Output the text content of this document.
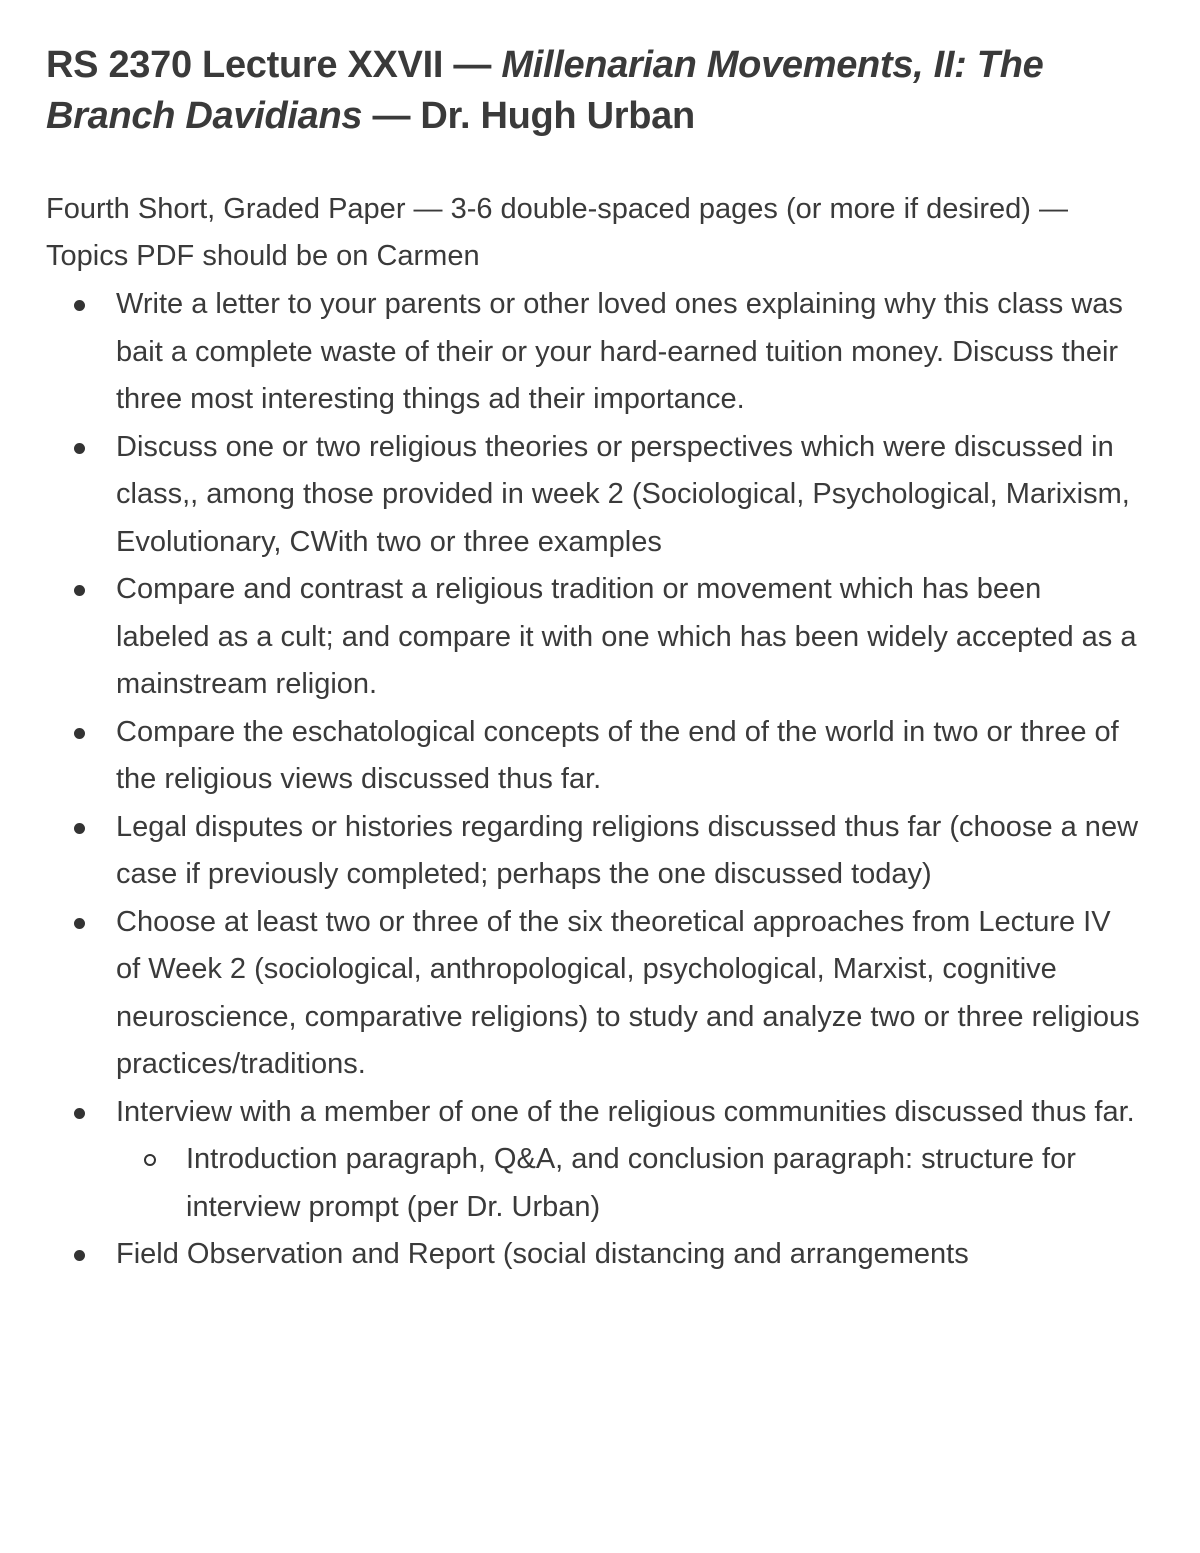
RS 2370 Lecture XXVII — Millenarian Movements, II: The Branch Davidians — Dr. Hugh Urban

Fourth Short, Graded Paper — 3-6 double-spaced pages (or more if desired) — Topics PDF should be on Carmen

Write a letter to your parents or other loved ones explaining why this class was bait a complete waste of their or your hard-earned tuition money. Discuss their three most interesting things ad their importance.
Discuss one or two religious theories or perspectives which were discussed in class,, among those provided in week 2 (Sociological, Psychological, Marixism, Evolutionary, CWith two or three examples
Compare and contrast a religious tradition or movement which has been labeled as a cult; and compare it with one which has been widely accepted as a mainstream religion.
Compare the eschatological concepts of the end of the world in two or three of the religious views discussed thus far.
Legal disputes or histories regarding religions discussed thus far (choose a new case if previously completed; perhaps the one discussed today)
Choose at least two or three of the six theoretical approaches from Lecture IV of Week 2 (sociological, anthropological, psychological, Marxist, cognitive neuroscience, comparative religions) to study and analyze two or three religious practices/traditions.
Interview with a member of one of the religious communities discussed thus far.
Introduction paragraph, Q&A, and conclusion paragraph: structure for interview prompt (per Dr. Urban)
Field Observation and Report (social distancing and arrangements
